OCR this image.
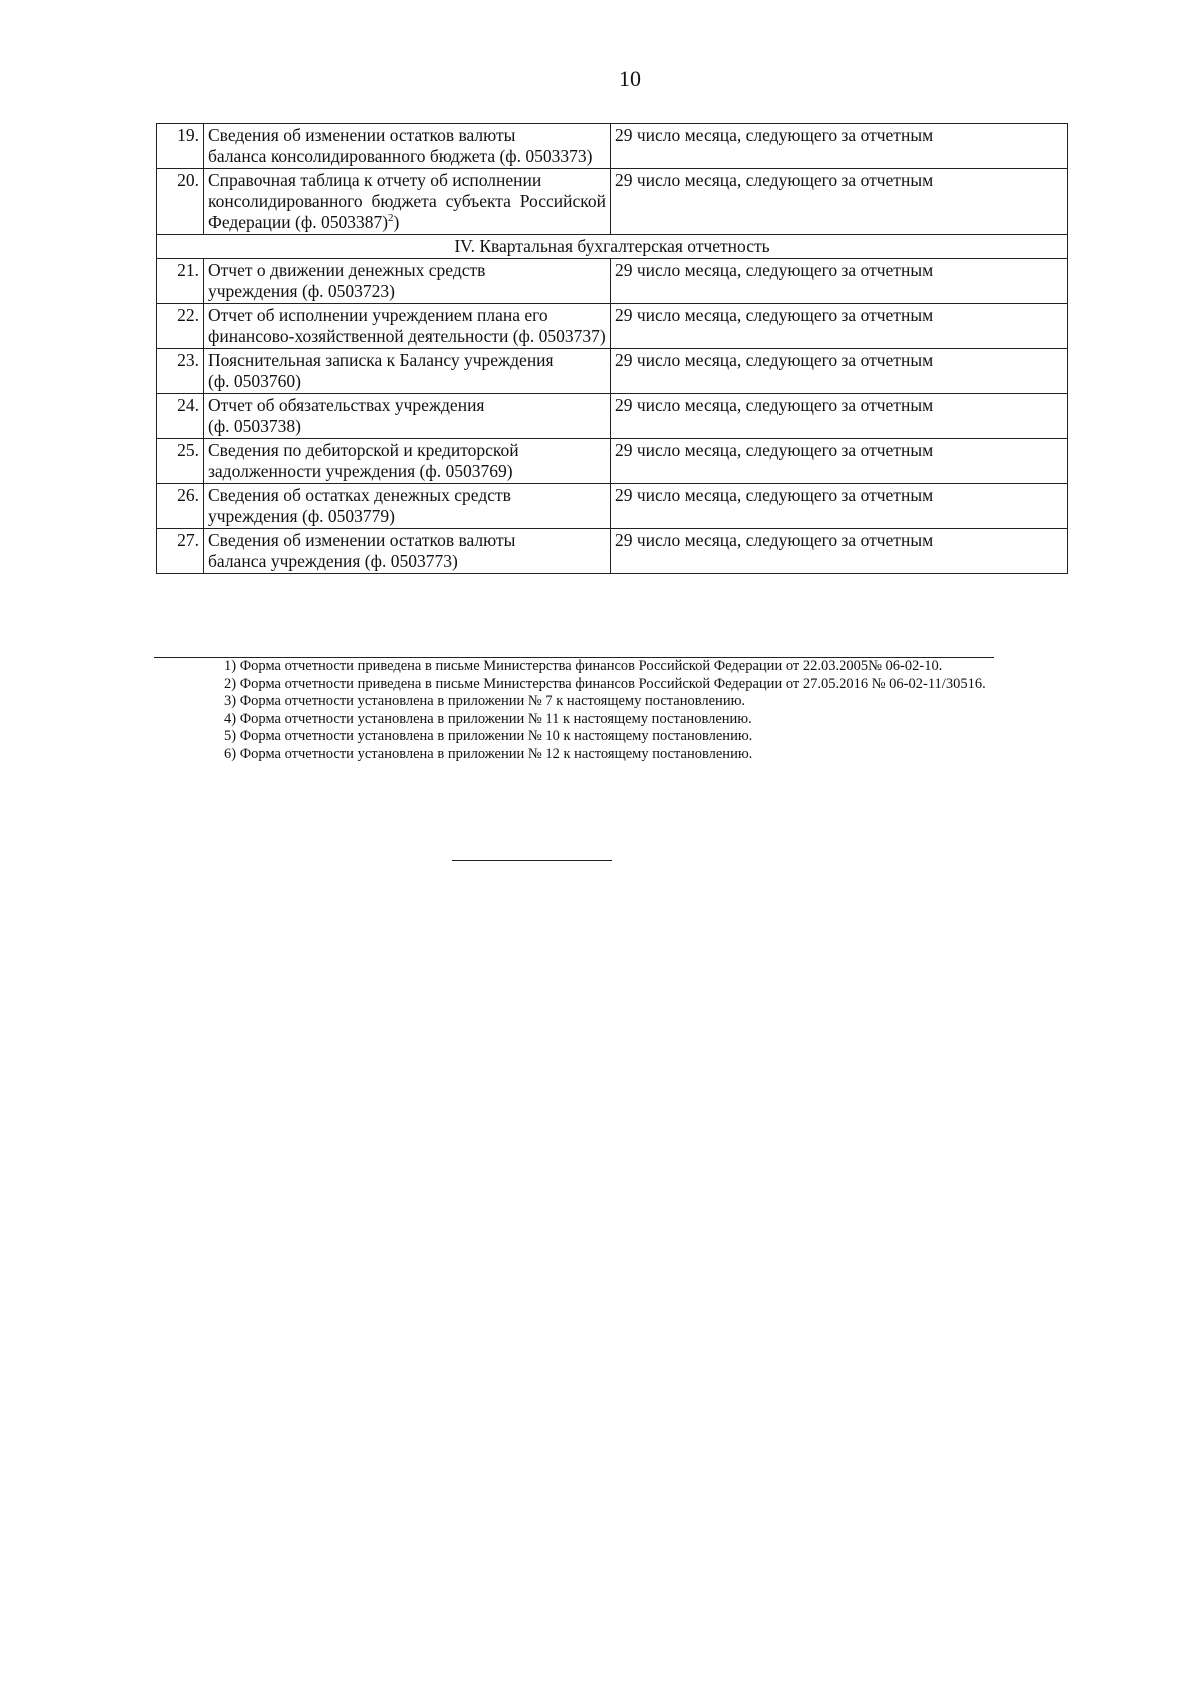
10
19.	Сведения об изменении остатков валюты
баланса консолидированного бюджета (ф. 0503373)	29 число месяца, следующего за отчетным
20.	Справочная таблица к отчету об исполнении
консолидированного бюджета субъекта Российской Федерации (ф. 0503387)$^2$)	29 число месяца, следующего за отчетным
IV. Квартальная бухгалтерская отчетность		
21.	Отчет о движении денежных средств
учреждения (ф. 0503723)	29 число месяца, следующего за отчетным
22.	Отчет об исполнении учреждением плана его
финансово-хозяйственной деятельности (ф. 0503737)	29 число месяца, следующего за отчетным
23.	Пояснительная записка к Балансу учреждения
(ф. 0503760)	29 число месяца, следующего за отчетным
24.	Отчет об обязательствах учреждения
(ф. 0503738)	29 число месяца, следующего за отчетным
25.	Сведения по дебиторской и кредиторской
задолженности учреждения (ф. 0503769)	29 число месяца, следующего за отчетным
26.	Сведения об остатках денежных средств
учреждения (ф. 0503779)	29 число месяца, следующего за отчетным
27.	Сведения об изменении остатков валюты
баланса учреждения (ф. 0503773)	29 число месяца, следующего за отчетным
1) Форма отчетности приведена в письме Министерства финансов Российской Федерации от 22.03.2005№ 06-02-10.
2) Форма отчетности приведена в письме Министерства финансов Российской Федерации от 27.05.2016 № 06-02-11/30516.
3) Форма отчетности установлена в приложении № 7 к настоящему постановлению.
4) Форма отчетности установлена в приложении № 11 к настоящему постановлению.
5) Форма отчетности установлена в приложении № 10 к настоящему постановлению.
6) Форма отчетности установлена в приложении № 12 к настоящему постановлению.
